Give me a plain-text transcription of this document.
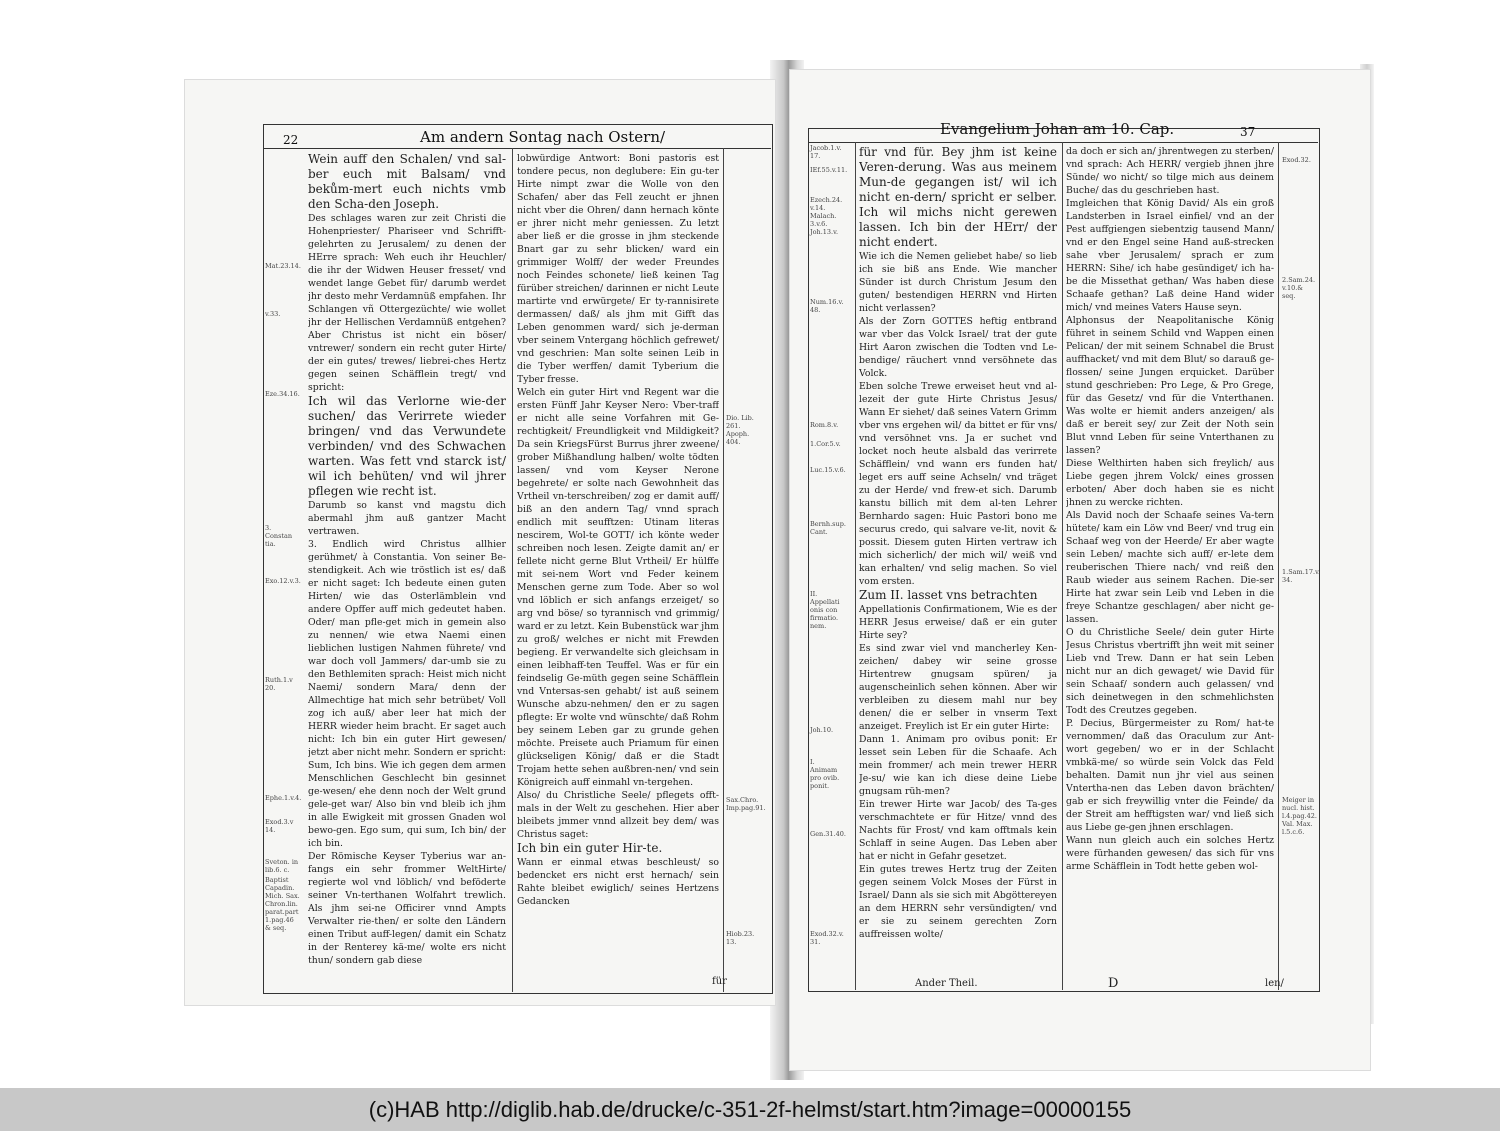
22	Am andern Sontag nach Ostern/

Wein auff den Schalen/ vnd sal-ber euch mit Balsam/ vnd bekům-mert euch nichts vmb den Scha-den Joseph.

Des schlages waren zur zeit Christi die Hohenpriester/ Phariseer vnd Schrifft-gelehrten zu Jerusalem/ zu denen der HErre sprach: Weh euch ihr Heuchler/ die ihr der Widwen Heuser fresset/ vnd wendet lange Gebet für/ darumb werdet jhr desto mehr Verdamnüß empfahen. Ihr Schlangen vñ Ottergezüchte/ wie wollet jhr der Hellischen Verdamnüß entgehen? Aber Christus ist nicht ein böser/ vntrewer/ sondern ein recht guter Hirte/ der ein gutes/ trewes/ liebrei-ches Hertz gegen seinen Schäfflein tregt/ vnd spricht:

Ich wil das Verlorne wie-der suchen/ das Verirrete wieder bringen/ vnd das Verwundete verbinden/ vnd des Schwachen warten. Was fett vnd starck ist/ wil ich behüten/ vnd wil jhrer pflegen wie recht ist.

Darumb so kanst vnd magstu dich abermahl jhm auß gantzer Macht vertrawen.

3. Endlich wird Christus allhier gerühmet/ à Constantia. Von seiner Be-stendigkeit. Ach wie tröstlich ist es/ daß er nicht saget: Ich bedeute einen guten Hirten/ wie das Osterlämblein vnd andere Opffer auff mich gedeutet haben. Oder/ man pfle-get mich in gemein also zu nennen/ wie etwa Naemi einen lieblichen lustigen Nahmen führete/ vnd war doch voll Jammers/ dar-umb sie zu den Bethlemiten sprach: Heist mich nicht Naemi/ sondern Mara/ denn der Allmechtige hat mich sehr betrübet/ Voll zog ich auß/ aber leer hat mich der HERR wieder heim bracht. Er saget auch nicht: Ich bin ein guter Hirt gewesen/ jetzt aber nicht mehr. Sondern er spricht: Sum, Ich bins. Wie ich gegen dem armen Menschlichen Geschlecht bin gesinnet ge-wesen/ ehe denn noch der Welt grund gele-get war/ Also bin vnd bleib ich jhm in alle Ewigkeit mit grossen Gnaden wol bewo-gen. Ego sum, qui sum, Ich bin/ der ich bin.

Der Römische Keyser Tyberius war an-fangs ein sehr frommer WeltHirte/ regierte wol vnd löblich/ vnd beföderte seiner Vn-terthanen Wolfahrt trewlich. Als jhm sei-ne Officirer vnnd Ampts Verwalter rie-then/ er solte den Ländern einen Tribut auff-legen/ damit ein Schatz in der Renterey kä-me/ wolte ers nicht thun/ sondern gab diese

lobwürdige Antwort: Boni pastoris est tondere pecus, non deglubere: Ein gu-ter Hirte nimpt zwar die Wolle von den Schafen/ aber das Fell zeucht er jhnen nicht vber die Ohren/ dann hernach könte er jhrer nicht mehr geniessen. Zu letzt aber ließ er die grosse in jhm steckende Bnart gar zu sehr blicken/ ward ein grimmiger Wolff/ der weder Freundes noch Feindes schonete/ ließ keinen Tag fürüber streichen/ darinnen er nicht Leute martirte vnd erwürgete/ Er ty-rannisirete dermassen/ daß/ als jhm mit Gifft das Leben genommen ward/ sich je-derman vber seinem Vntergang höchlich gefrewet/ vnd geschrien: Man solte seinen Leib in die Tyber werffen/ damit Tyberium die Tyber fresse.

Welch ein guter Hirt vnd Regent war die ersten Fünff Jahr Keyser Nero: Vber-traff er nicht alle seine Vorfahren mit Ge-rechtigkeit/ Freundligkeit vnd Mildigkeit? Da sein KriegsFürst Burrus jhrer zweene/ grober Mißhandlung halben/ wolte tödten lassen/ vnd vom Keyser Nerone begehrete/ er solte nach Gewohnheit das Vrtheil vn-terschreiben/ zog er damit auff/ biß an den andern Tag/ vnnd sprach endlich mit seufftzen: Utinam literas nescirem, Wol-te GOTT/ ich könte weder schreiben noch lesen. Zeigte damit an/ er fellete nicht gerne Blut Vrtheil/ Er hülffe mit sei-nem Wort vnd Feder keinem Menschen gerne zum Tode. Aber so wol vnd löblich er sich anfangs erzeiget/ so arg vnd böse/ so tyrannisch vnd grimmig/ ward er zu letzt. Kein Bubenstück war jhm zu groß/ welches er nicht mit Frewden begieng. Er verwandelte sich gleichsam in einen leibhaff-ten Teuffel. Was er für ein feindselig Ge-müth gegen seine Schäfflein vnd Vntersas-sen gehabt/ ist auß seinem Wunsche abzu-nehmen/ den er zu sagen pflegte: Er wolte vnd wünschte/ daß Rohm bey seinem Leben gar zu grunde gehen möchte. Preisete auch Priamum für einen glückseligen König/ daß er die Stadt Trojam hette sehen außbren-nen/ vnd sein Königreich auff einmahl vn-tergehen.

Also/ du Christliche Seele/ pflegets offt-mals in der Welt zu geschehen. Hier aber bleibets jmmer vnnd allzeit bey dem/ was Christus saget:

Ich bin ein guter Hir-te.

Wann er einmal etwas beschleust/ so bedencket ers nicht erst hernach/ sein Rahte bleibet ewiglich/ seines Hertzens Gedancken

Mat.23.14.
v.33.
Eze.34.16.
3.
Constan
tia.
Exo.12.v.3.
Ruth.1.v
20.
Ephe.1.v.4.
Exod.3.v
14.
Sveton. in
lib.6. c.
Baptist
Capadin.
Mich. Sax.
Chron.lin.
parat.part
1.pag.46
& seq.
Dio. Lib.
261.
Apoph.
404.
Sax.Chro.
Imp.pag.91.
Hiob.23.
13.
für
Evangelium Johan am 10. Cap.	37

für vnd für. Bey jhm ist keine Veren-derung. Was aus meinem Mun-de gegangen ist/ wil ich nicht en-dern/ spricht er selber. Ich wil michs nicht gerewen lassen. Ich bin der HErr/ der nicht endert.

Wie ich die Nemen geliebet habe/ so lieb ich sie biß ans Ende. Wie mancher Sünder ist durch Christum Jesum den guten/ bestendigen HERRN vnd Hirten nicht verlassen?

Als der Zorn GOTTES heftig entbrand war vber das Volck Israel/ trat der gute Hirt Aaron zwischen die Todten vnd Le-bendige/ räuchert vnnd versöhnete das Volck.

Eben solche Trewe erweiset heut vnd al-lezeit der gute Hirte Christus Jesus/ Wann Er siehet/ daß seines Vatern Grimm vber vns ergehen wil/ da bittet er für vns/ vnd versöhnet vns. Ja er suchet vnd locket noch heute alsbald das verirrete Schäfflein/ vnd wann ers funden hat/ leget ers auff seine Achseln/ vnd träget zu der Herde/ vnd frew-et sich. Darumb kanstu billich mit dem al-ten Lehrer Bernhardo sagen: Huic Pastori bono me securus credo, qui salvare ve-lit, novit & possit. Diesem guten Hirten vertraw ich mich sicherlich/ der mich wil/ weiß vnd kan erhalten/ vnd selig machen. So viel vom ersten.

Zum II. lasset vns betrachten

Appellationis Confirmationem, Wie es der HERR Jesus erweise/ daß er ein guter Hirte sey?

Es sind zwar viel vnd mancherley Ken-zeichen/ dabey wir seine grosse Hirtentrew gnugsam spüren/ ja augenscheinlich sehen können. Aber wir verbleiben zu diesem mahl nur bey denen/ die er selber in vnserm Text anzeiget. Freylich ist Er ein guter Hirte:

Dann 1. Animam pro ovibus ponit: Er lesset sein Leben für die Schaafe. Ach mein frommer/ ach mein trewer HERR Je-su/ wie kan ich diese deine Liebe gnugsam rüh-men?

Ein trewer Hirte war Jacob/ des Ta-ges verschmachtete er für Hitze/ vnnd des Nachts für Frost/ vnd kam offtmals kein Schlaff in seine Augen. Das Leben aber hat er nicht in Gefahr gesetzet.

Ein gutes trewes Hertz trug der Zeiten gegen seinem Volck Moses der Fürst in Israel/ Dann als sie sich mit Abgöttereyen an dem HERRN sehr versündigten/ vnd er sie zu seinem gerechten Zorn auffreissen wolte/

da doch er sich an/ jhrentwegen zu sterben/ vnd sprach: Ach HERR/ vergieb jhnen jhre Sünde/ wo nicht/ so tilge mich aus deinem Buche/ das du geschrieben hast.

Imgleichen that König David/ Als ein groß Landsterben in Israel einfiel/ vnd an der Pest auffgiengen siebentzig tausend Mann/ vnd er den Engel seine Hand auß-strecken sahe vber Jerusalem/ sprach er zum HERRN: Sihe/ ich habe gesündiget/ ich ha-be die Missethat gethan/ Was haben diese Schaafe gethan? Laß deine Hand wider mich/ vnd meines Vaters Hause seyn.

Alphonsus der Neapolitanische König führet in seinem Schild vnd Wappen einen Pelican/ der mit seinem Schnabel die Brust auffhacket/ vnd mit dem Blut/ so darauß ge-flossen/ seine Jungen erquicket. Darüber stund geschrieben: Pro Lege, & Pro Grege, für das Gesetz/ vnd für die Vnterthanen. Was wolte er hiemit anders anzeigen/ als daß er bereit sey/ zur Zeit der Noth sein Blut vnnd Leben für seine Vnterthanen zu lassen?

Diese Welthirten haben sich freylich/ aus Liebe gegen jhrem Volck/ eines grossen erboten/ Aber doch haben sie es nicht jhnen zu wercke richten.

Als David noch der Schaafe seines Va-tern hütete/ kam ein Löw vnd Beer/ vnd trug ein Schaaf weg von der Heerde/ Er aber wagte sein Leben/ machte sich auff/ er-lete dem reuberischen Thiere nach/ vnd reiß den Raub wieder aus seinem Rachen. Die-ser Hirte hat zwar sein Leib vnd Leben in die freye Schantze geschlagen/ aber nicht ge-lassen.

O du Christliche Seele/ dein guter Hirte Jesus Christus vbertrifft jhn weit mit seiner Lieb vnd Trew. Dann er hat sein Leben nicht nur an dich gewaget/ wie David für sein Schaaf/ sondern auch gelassen/ vnd sich deinetwegen in den schmehlichsten Todt des Creutzes gegeben.

P. Decius, Bürgermeister zu Rom/ hat-te vernommen/ daß das Oraculum zur Ant-wort gegeben/ wo er in der Schlacht vmbkä-me/ so würde sein Volck das Feld behalten. Damit nun jhr viel aus seinen Vntertha-nen das Leben davon brächten/ gab er sich freywillig vnter die Feinde/ da der Streit am hefftigsten war/ vnd ließ sich aus Liebe ge-gen jhnen erschlagen.

Wann nun gleich auch ein solches Hertz were fürhanden gewesen/ das sich für vns arme Schäfflein in Todt hette geben wol-

Jacob.1.v.
17.
IEf.55.v.11.
Ezech.24.
v.14.
Malach.
3.v.6.
Joh.13.v.
Num.16.v.
48.
Rom.8.v.
1.Cor.5.v.
Luc.15.v.6.
Bernh.sup.
Cant.
II.
Appellati
onis con
firmatio.
nem.
Joh.10.
I.
Animam
pro ovib.
ponit.
Gen.31.40.
Exod.32.v.
31.
Exod.32.
2.Sam.24.
v.10.& seq.
1.Sam.17.v.
34.
Meiger in
nucl. hist.
l.4.pag.42.
Val. Max.
l.5.c.6.
Ander Theil.	D	len/
(c)HAB http://diglib.hab.de/drucke/c-351-2f-helmst/start.htm?image=00000155
